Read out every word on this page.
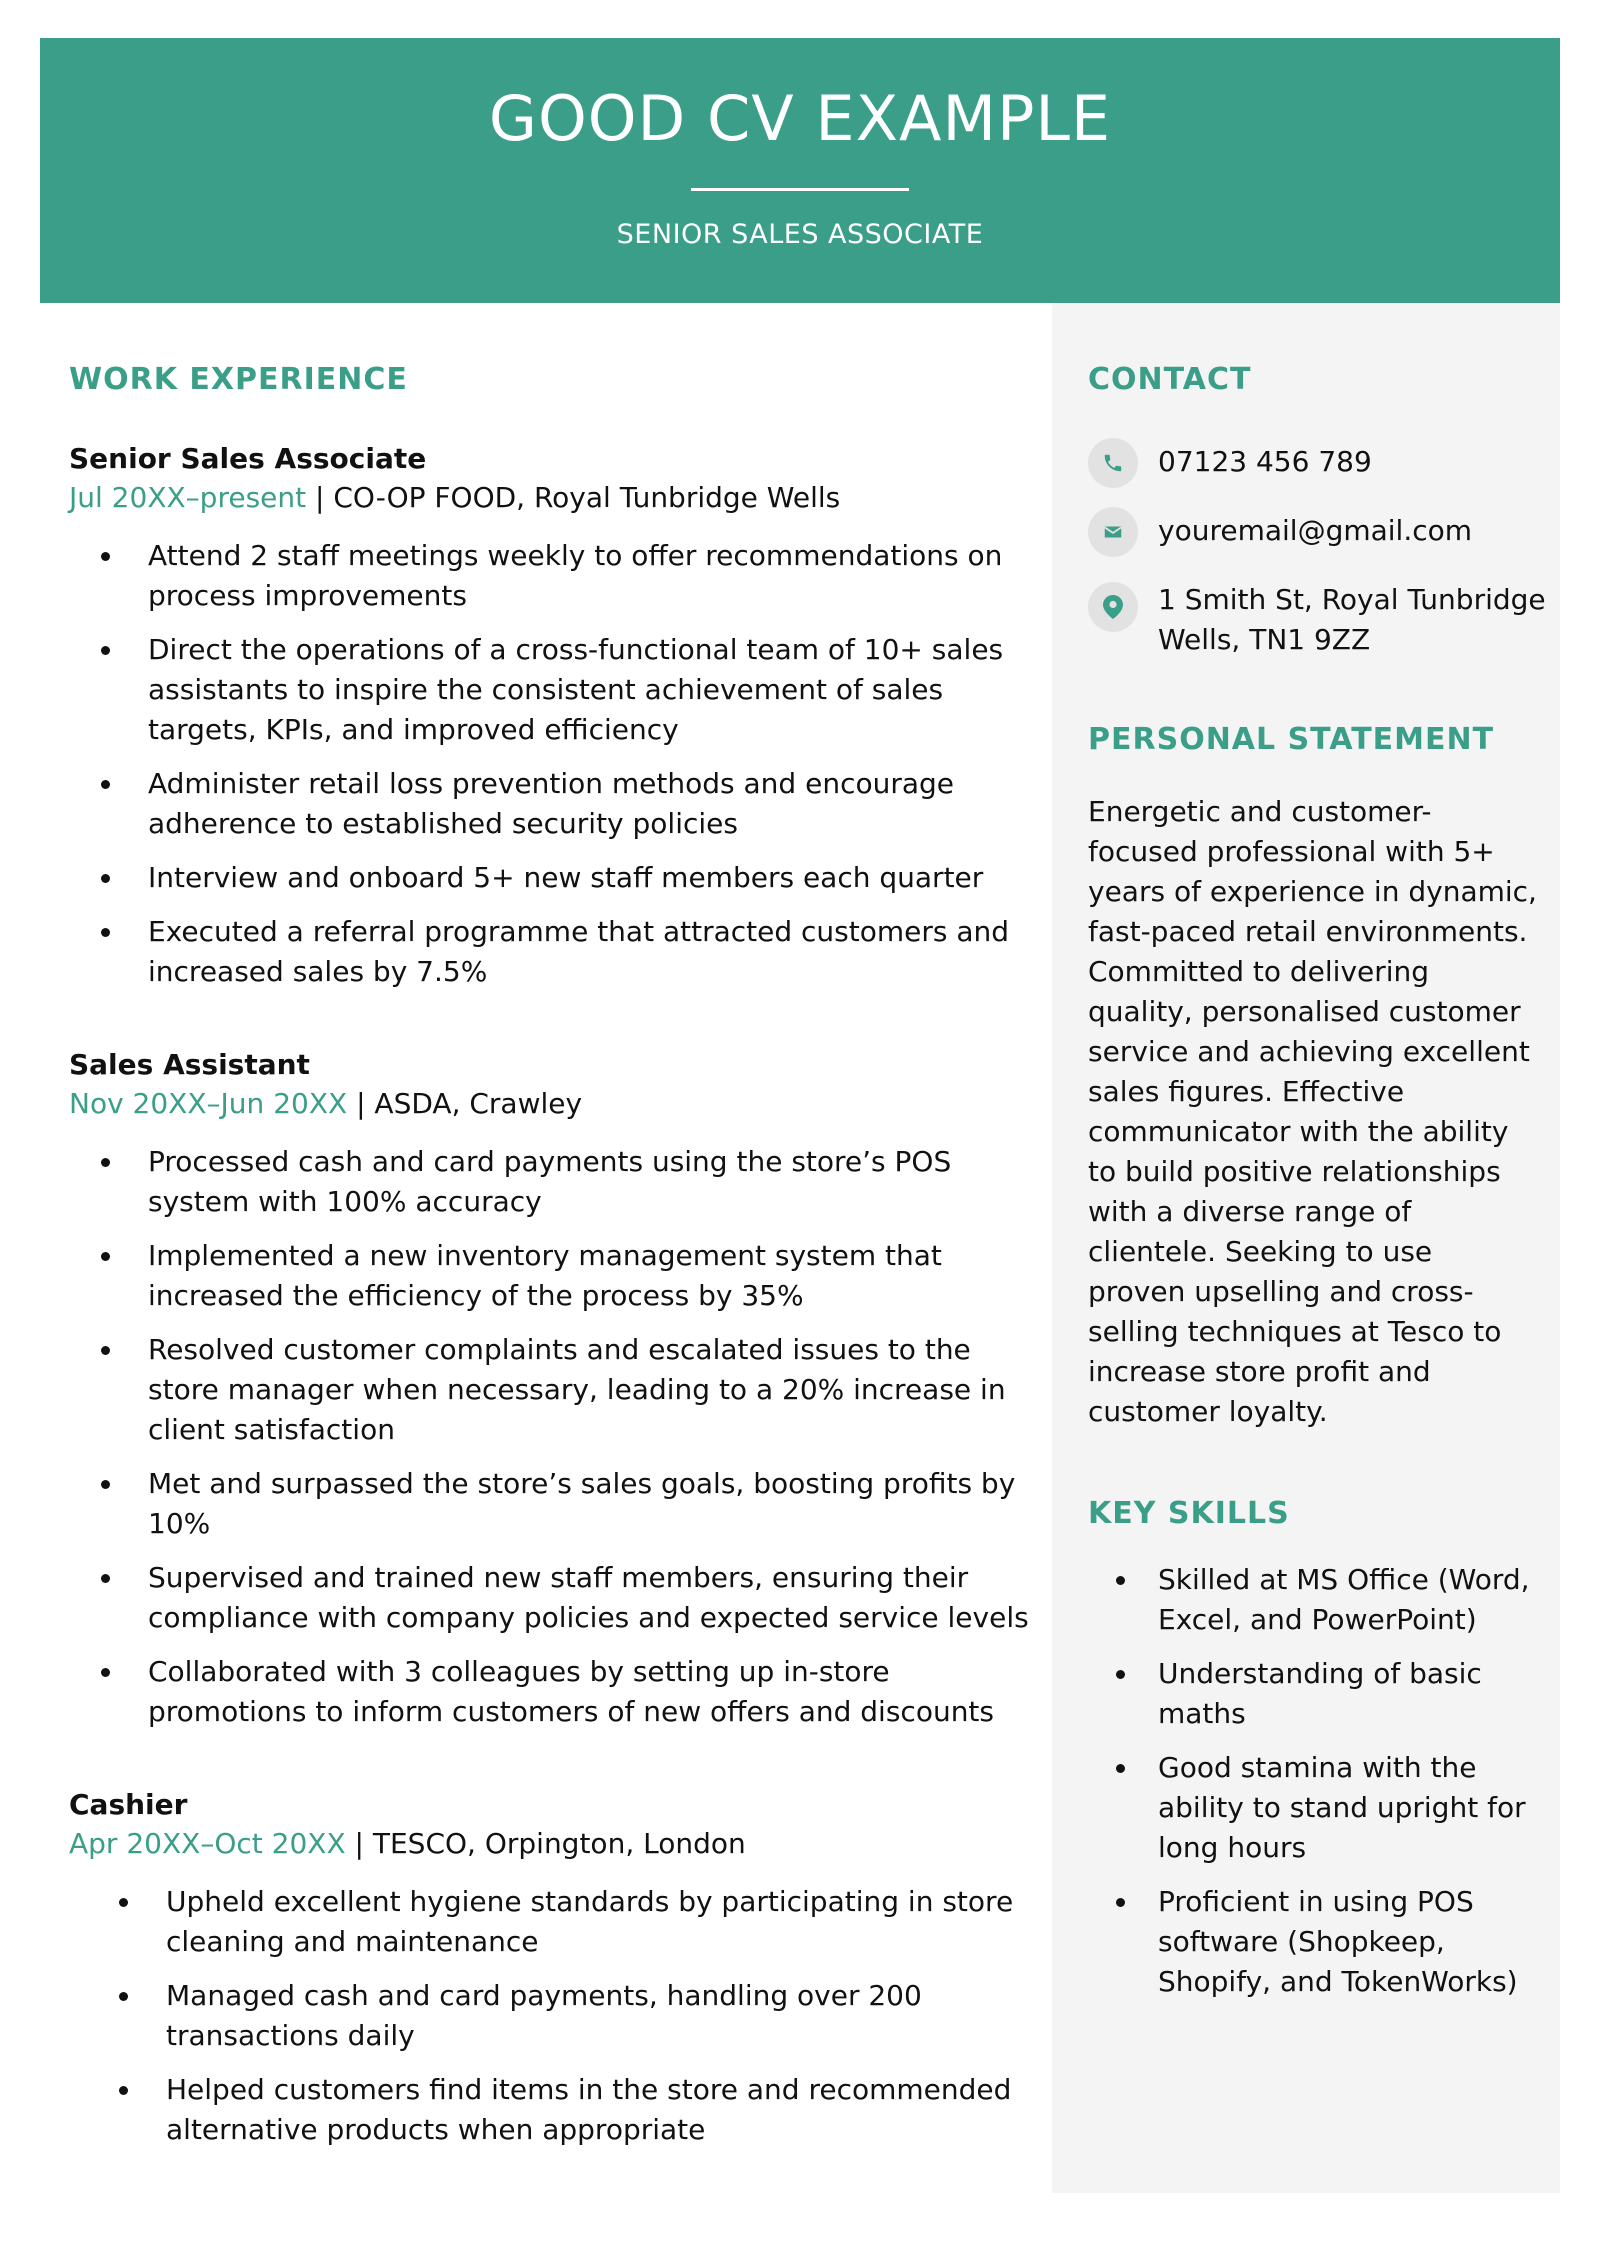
GOOD CV EXAMPLE
SENIOR SALES ASSOCIATE
WORK EXPERIENCE
Senior Sales Associate
Jul 20XX–present | CO-OP FOOD, Royal Tunbridge Wells
Attend 2 staff meetings weekly to offer recommendations on process improvements
Direct the operations of a cross-functional team of 10+ sales assistants to inspire the consistent achievement of sales targets, KPIs, and improved efficiency
Administer retail loss prevention methods and encourage adherence to established security policies
Interview and onboard 5+ new staff members each quarter
Executed a referral programme that attracted customers and increased sales by 7.5%
Sales Assistant
Nov 20XX–Jun 20XX | ASDA, Crawley
Processed cash and card payments using the store’s POS system with 100% accuracy
Implemented a new inventory management system that increased the efficiency of the process by 35%
Resolved customer complaints and escalated issues to the store manager when necessary, leading to a 20% increase in client satisfaction
Met and surpassed the store’s sales goals, boosting profits by 10%
Supervised and trained new staff members, ensuring their compliance with company policies and expected service levels
Collaborated with 3 colleagues by setting up in-store promotions to inform customers of new offers and discounts
Cashier
Apr 20XX–Oct 20XX | TESCO, Orpington, London
Upheld excellent hygiene standards by participating in store cleaning and maintenance
Managed cash and card payments, handling over 200 transactions daily
Helped customers find items in the store and recommended alternative products when appropriate
CONTACT
07123 456 789
youremail@gmail.com
1 Smith St, Royal Tunbridge
Wells, TN1 9ZZ
PERSONAL STATEMENT

Energetic and customer-focused professional with 5+ years of experience in dynamic, fast-paced retail environments. Committed to delivering quality, personalised customer service and achieving excellent sales figures. Effective communicator with the ability to build positive relationships with a diverse range of clientele. Seeking to use proven upselling and cross-selling techniques at Tesco to increase store profit and customer loyalty.

KEY SKILLS
Skilled at MS Office (Word, Excel, and PowerPoint)
Understanding of basic maths
Good stamina with the ability to stand upright for long hours
Proficient in using POS software (Shopkeep, Shopify, and TokenWorks)
